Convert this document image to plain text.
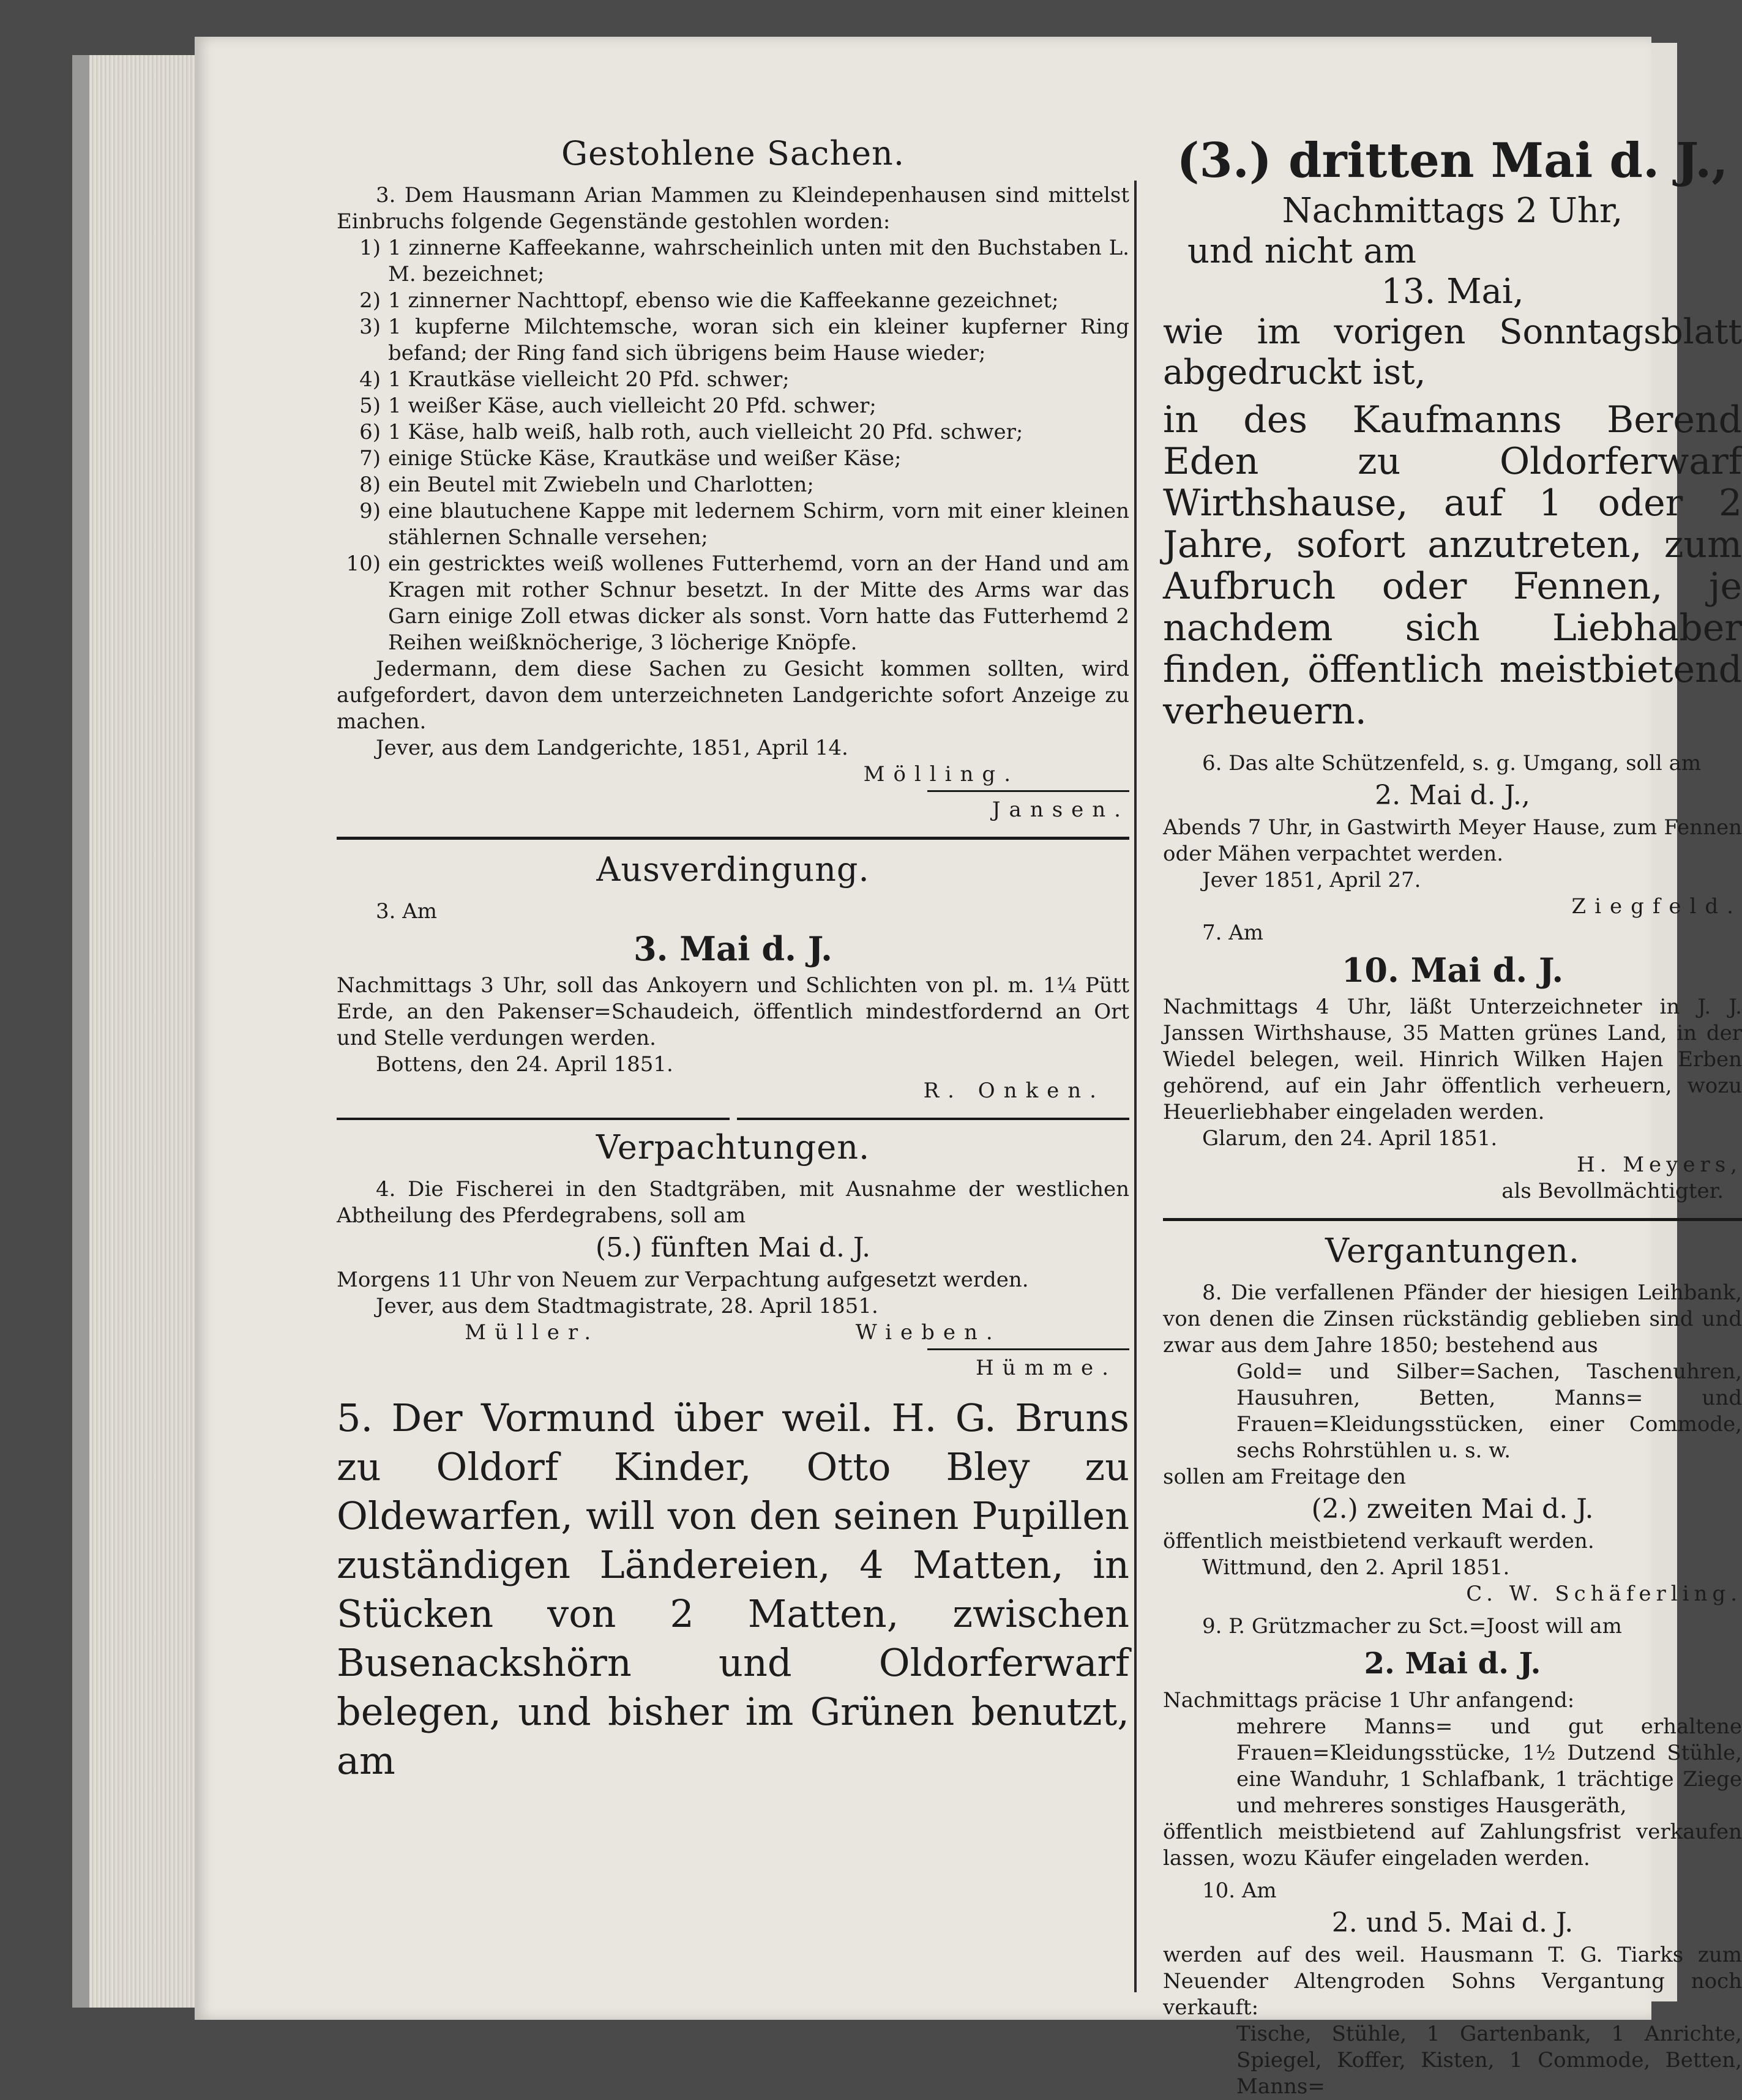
Gestohlene Sachen.

3. Dem Hausmann Arian Mammen zu Kleindepenhausen sind mittelst Einbruchs folgende Gegenstände gestohlen worden:

1) 1 zinnerne Kaffeekanne, wahrscheinlich unten mit den Buchstaben L. M. bezeichnet;
2) 1 zinnerner Nachttopf, ebenso wie die Kaffeekanne gezeichnet;
3) 1 kupferne Milchtemsche, woran sich ein kleiner kupferner Ring befand; der Ring fand sich übrigens beim Hause wieder;
4) 1 Krautkäse vielleicht 20 Pfd. schwer;
5) 1 weißer Käse, auch vielleicht 20 Pfd. schwer;
6) 1 Käse, halb weiß, halb roth, auch vielleicht 20 Pfd. schwer;
7) einige Stücke Käse, Krautkäse und weißer Käse;
8) ein Beutel mit Zwiebeln und Charlotten;
9) eine blautuchene Kappe mit ledernem Schirm, vorn mit einer kleinen stählernen Schnalle versehen;
10) ein gestricktes weiß wollenes Futterhemd, vorn an der Hand und am Kragen mit rother Schnur besetzt. In der Mitte des Arms war das Garn einige Zoll etwas dicker als sonst. Vorn hatte das Futterhemd 2 Reihen weißknöcherige, 3 löcherige Knöpfe.

Jedermann, dem diese Sachen zu Gesicht kommen sollten, wird aufgefordert, davon dem unterzeichneten Landgerichte sofort Anzeige zu machen.

Jever, aus dem Landgerichte, 1851, April 14.

Mölling.

Jansen.

Ausverdingung.

3. Am

3. Mai d. J.

Nachmittags 3 Uhr, soll das Ankoyern und Schlichten von pl. m. 1¼ Pütt Erde, an den Pakenser=Schaudeich, öffentlich mindestfordernd an Ort und Stelle verdungen werden.

Bottens, den 24. April 1851.

R. Onken.

Verpachtungen.

4. Die Fischerei in den Stadtgräben, mit Ausnahme der westlichen Abtheilung des Pferdegrabens, soll am

(5.) fünften Mai d. J.

Morgens 11 Uhr von Neuem zur Verpachtung aufgesetzt werden.

Jever, aus dem Stadtmagistrate, 28. April 1851.

Müller.	Wieben.

Hümme.

5. Der Vormund über weil. H. G. Bruns zu Oldorf Kinder, Otto Bley zu Oldewarfen, will von den seinen Pupillen zuständigen Ländereien, 4 Matten, in Stücken von 2 Matten, zwischen Busenackshörn und Oldorferwarf belegen, und bisher im Grünen benutzt, am

(3.) dritten Mai d. J.,

Nachmittags 2 Uhr,

und nicht am

13. Mai,

wie im vorigen Sonntagsblatt abgedruckt ist,

in des Kaufmanns Berend Eden zu Oldorferwarf Wirthshause, auf 1 oder 2 Jahre, sofort anzutreten, zum Aufbruch oder Fennen, je nachdem sich Liebhaber finden, öffentlich meistbietend verheuern.

6. Das alte Schützenfeld, s. g. Umgang, soll am

2. Mai d. J.,

Abends 7 Uhr, in Gastwirth Meyer Hause, zum Fennen oder Mähen verpachtet werden.

Jever 1851, April 27.

Ziegfeld.

7. Am

10. Mai d. J.

Nachmittags 4 Uhr, läßt Unterzeichneter in J. J. Janssen Wirthshause, 35 Matten grünes Land, in der Wiedel belegen, weil. Hinrich Wilken Hajen Erben gehörend, auf ein Jahr öffentlich verheuern, wozu Heuerliebhaber eingeladen werden.

Glarum, den 24. April 1851.

H. Meyers,

als Bevollmächtigter.

Vergantungen.

8. Die verfallenen Pfänder der hiesigen Leihbank, von denen die Zinsen rückständig geblieben sind und zwar aus dem Jahre 1850; bestehend aus

Gold= und Silber=Sachen, Taschenuhren, Hausuhren, Betten, Manns= und Frauen=Kleidungsstücken, einer Commode, sechs Rohrstühlen u. s. w.

sollen am Freitage den

(2.) zweiten Mai d. J.

öffentlich meistbietend verkauft werden.

Wittmund, den 2. April 1851.

C. W. Schäferling.

9. P. Grützmacher zu Sct.=Joost will am

2. Mai d. J.

Nachmittags präcise 1 Uhr anfangend:

mehrere Manns= und gut erhaltene Frauen=Kleidungsstücke, 1½ Dutzend Stühle, eine Wanduhr, 1 Schlafbank, 1 trächtige Ziege und mehreres sonstiges Hausgeräth,

öffentlich meistbietend auf Zahlungsfrist verkaufen lassen, wozu Käufer eingeladen werden.

10. Am

2. und 5. Mai d. J.

werden auf des weil. Hausmann T. G. Tiarks zum Neuender Altengroden Sohns Vergantung noch verkauft:

Tische, Stühle, 1 Gartenbank, 1 Anrichte, Spiegel, Koffer, Kisten, 1 Commode, Betten, Manns=
